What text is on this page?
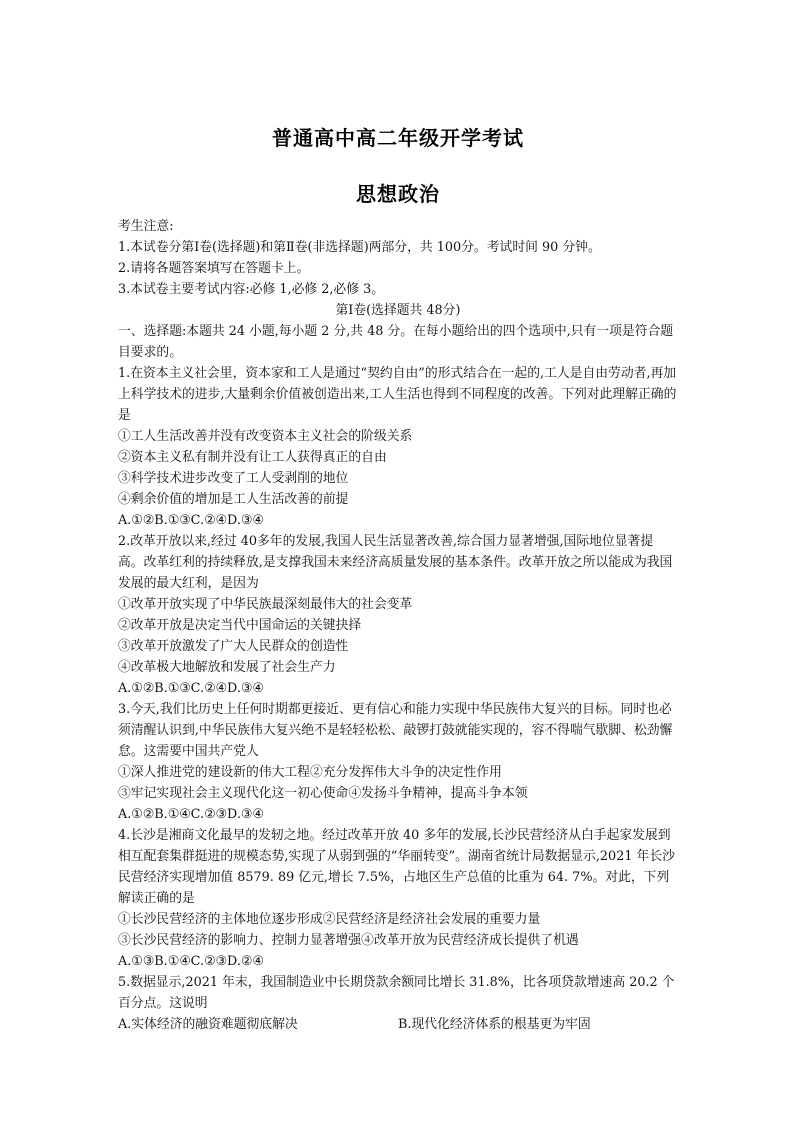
普通高中高二年级开学考试
思想政治
考生注意:
1.本试卷分第Ⅰ卷(选择题)和第Ⅱ卷(非选择题)两部分，共 100分。考试时间 90 分钟。
2.请将各题答案填写在答题卡上。
3.本试卷主要考试内容:必修 1,必修 2,必修 3。
第Ⅰ卷(选择题共 48分)
一、选择题:本题共 24 小题,每小题 2 分,共 48 分。在每小题给出的四个选项中,只有一项是符合题目要求的。
1.在资本主义社会里，资本家和工人是通过“契约自由”的形式结合在一起的,工人是自由劳动者,再加上科学技术的进步,大量剩余价值被创造出来,工人生活也得到不同程度的改善。下列对此理解正确的是
①工人生活改善并没有改变资本主义社会的阶级关系
②资本主义私有制并没有让工人获得真正的自由
③科学技术进步改变了工人受剥削的地位
④剩余价值的增加是工人生活改善的前提
A.①②B.①③C.②④D.③④
2.改革开放以来,经过 40多年的发展,我国人民生活显著改善,综合国力显著增强,国际地位显著提高。改革红利的持续释放,是支撑我国未来经济高质量发展的基本条件。改革开放之所以能成为我国发展的最大红利，是因为
①改革开放实现了中华民族最深刻最伟大的社会变革
②改革开放是决定当代中国命运的关键抉择
③改革开放激发了广大人民群众的创造性
④改革极大地解放和发展了社会生产力
A.①②B.①③C.②④D.③④
3.今天,我们比历史上任何时期都更接近、更有信心和能力实现中华民族伟大复兴的目标。同时也必须清醒认识到,中华民族伟大复兴绝不是轻轻松松、敲锣打鼓就能实现的，容不得喘气歇脚、松劲懈怠。这需要中国共产党人
①深人推进党的建设新的伟大工程②充分发挥伟大斗争的决定性作用
③牢记实现社会主义现代化这一初心使命④发扬斗争精神，提高斗争本领
A.①②B.①④C.②③D.③④
4.长沙是湘商文化最早的发轫之地。经过改革开放 40 多年的发展,长沙民营经济从白手起家发展到相互配套集群挺进的规模态势,实现了从弱到强的“华丽转变”。湖南省统计局数据显示,2021 年长沙民营经济实现增加值 8579. 89 亿元,增长 7.5%，占地区生产总值的比重为 64. 7%。对此，下列解读正确的是
①长沙民营经济的主体地位逐步形成②民营经济是经济社会发展的重要力量
③长沙民营经济的影响力、控制力显著增强④改革开放为民营经济成长提供了机遇
A.①③B.①④C.②③D.②④
5.数据显示,2021 年末，我国制造业中长期贷款余额同比增长 31.8%，比各项贷款增速高 20.2 个百分点。这说明
A.实体经济的融资难题彻底解决	B.现代化经济体系的根基更为牢固
